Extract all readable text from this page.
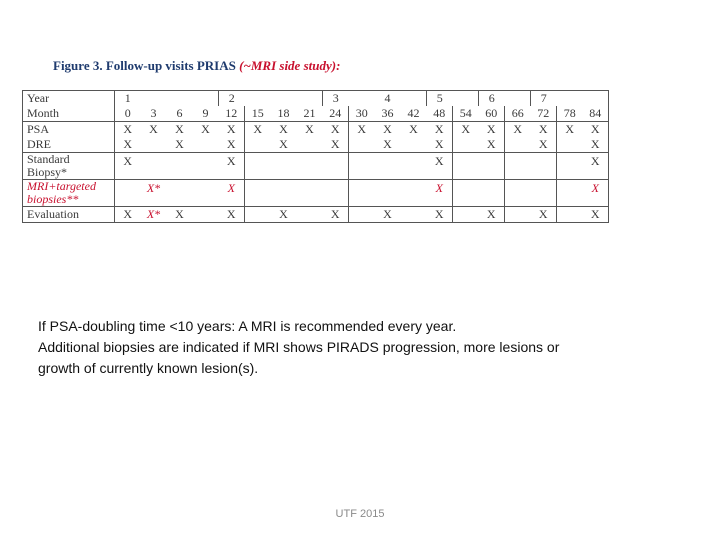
Figure 3. Follow-up visits PRIAS (~MRI side study):
Year	1				2				3		4		5		6		7		
Month	0	3	6	9	12	15	18	21	24	30	36	42	48	54	60	66	72	78	84
PSA	X	X	X	X	X	X	X	X	X	X	X	X	X	X	X	X	X	X	X
DRE	X		X		X		X		X		X		X		X		X		X
Standard
Biopsy*	X				X								X						X
MRI+targeted
biopsies**		X*			X								X						X
Evaluation	X	X*	X		X		X		X		X		X		X		X		X

If PSA-doubling time <10 years: A MRI is recommended every year.

Additional biopsies are indicated if MRI shows PIRADS progression, more lesions or growth of currently known lesion(s).

UTF 2015
